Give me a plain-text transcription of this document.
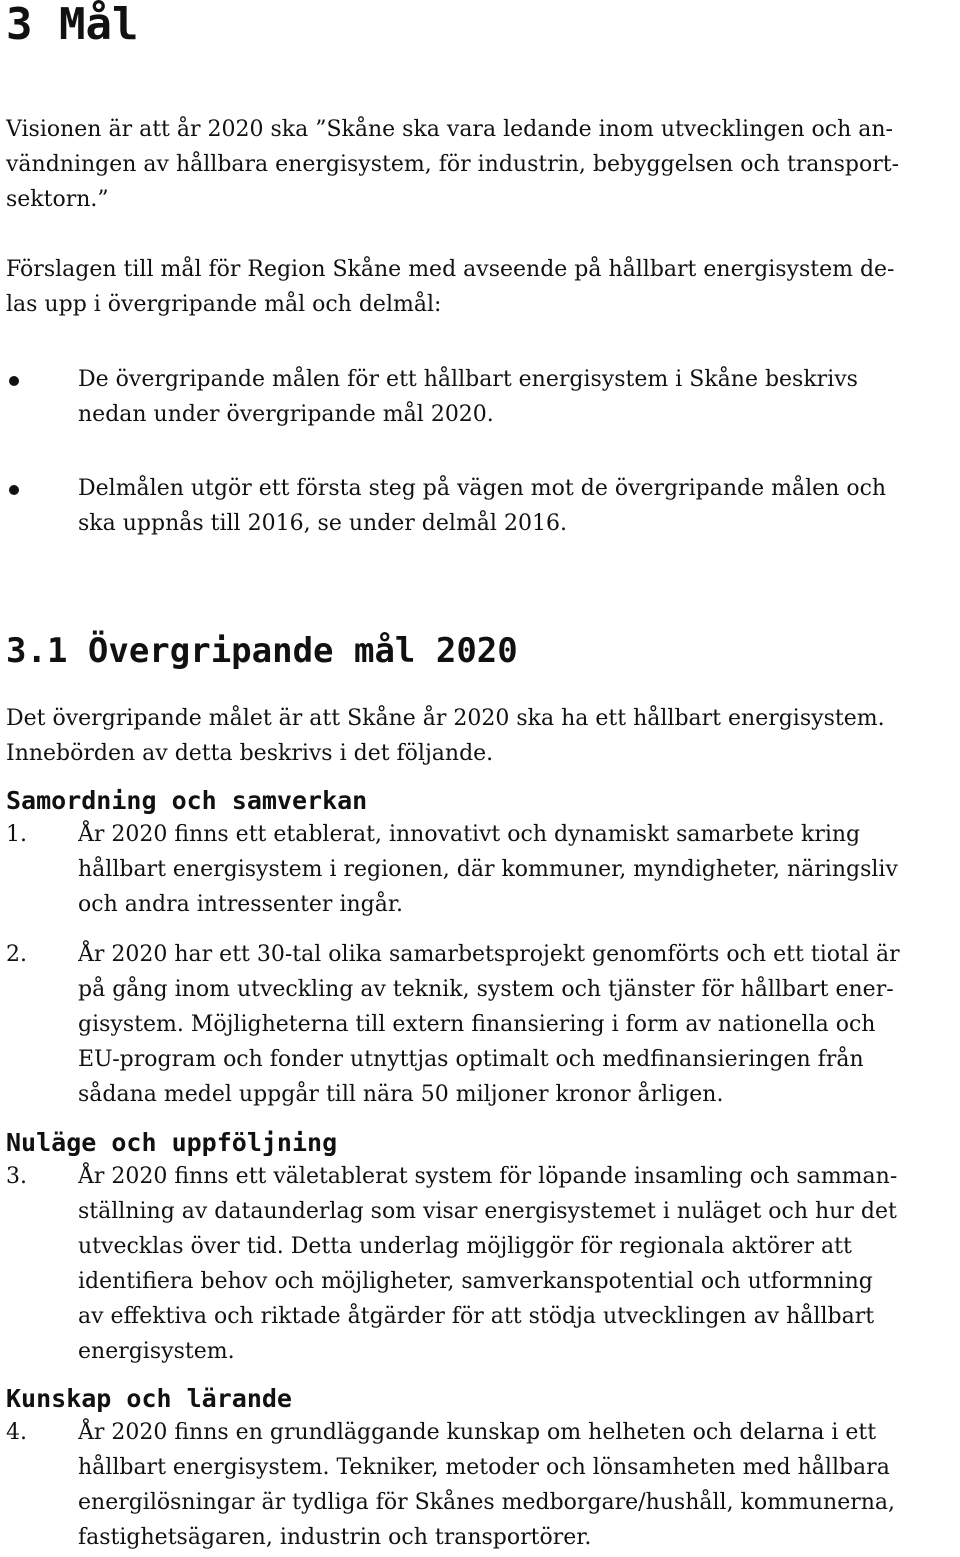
3 Mål
Visionen är att år 2020 ska ”Skåne ska vara ledande inom utvecklingen och an-
vändningen av hållbara energisystem, för industrin, bebyggelsen och transport-
sektorn.”
Förslagen till mål för Region Skåne med avseende på hållbart energisystem de-
las upp i övergripande mål och delmål:
De övergripande målen för ett hållbart energisystem i Skåne beskrivs
nedan under övergripande mål 2020.
Delmålen utgör ett första steg på vägen mot de övergripande målen och
ska uppnås till 2016, se under delmål 2016.
3.1 Övergripande mål 2020
Det övergripande målet är att Skåne år 2020 ska ha ett hållbart energisystem.
Innebörden av detta beskrivs i det följande.
Samordning och samverkan
1. År 2020 finns ett etablerat, innovativt och dynamiskt samarbete kring
hållbart energisystem i regionen, där kommuner, myndigheter, näringsliv
och andra intressenter ingår.
2. År 2020 har ett 30-tal olika samarbetsprojekt genomförts och ett tiotal är
på gång inom utveckling av teknik, system och tjänster för hållbart ener-
gisystem. Möjligheterna till extern finansiering i form av nationella och
EU-program och fonder utnyttjas optimalt och medfinansieringen från
sådana medel uppgår till nära 50 miljoner kronor årligen.
Nuläge och uppföljning
3. År 2020 finns ett väletablerat system för löpande insamling och samman-
ställning av dataunderlag som visar energisystemet i nuläget och hur det
utvecklas över tid. Detta underlag möjliggör för regionala aktörer att
identifiera behov och möjligheter, samverkanspotential och utformning
av effektiva och riktade åtgärder för att stödja utvecklingen av hållbart
energisystem.
Kunskap och lärande
4. År 2020 finns en grundläggande kunskap om helheten och delarna i ett
hållbart energisystem. Tekniker, metoder och lönsamheten med hållbara
energilösningar är tydliga för Skånes medborgare/hushåll, kommunerna,
fastighetsägaren, industrin och transportörer.
